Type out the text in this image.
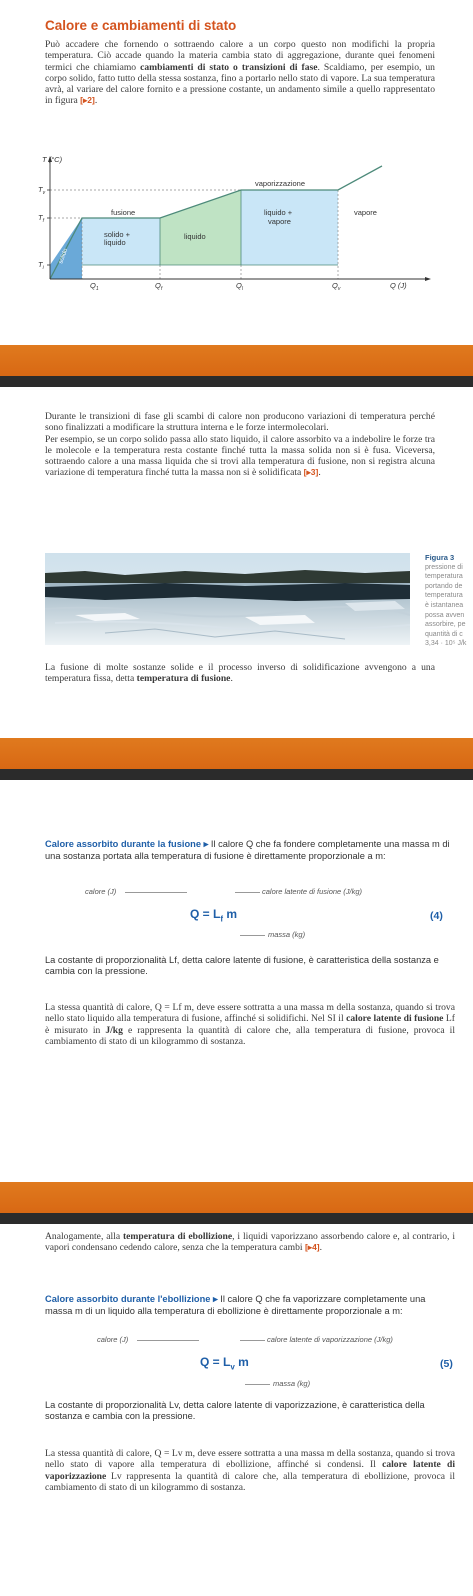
Calore e cambiamenti di stato
Può accadere che fornendo o sottraendo calore a un corpo questo non modifichi la propria temperatura. Ciò accade quando la materia cambia stato di aggregazione, durante quei fenomeni termici che chiamiamo cambiamenti di stato o transizioni di fase. Scaldiamo, per esempio, un corpo solido, fatto tutto della stessa sostanza, fino a portarlo nello stato di vapore. La sua temperatura avrà, al variare del calore fornito e a pressione costante, un andamento simile a quello rappresentato in figura [▸2].
T (°C)
$T_v$
$T_f$
$T_i$
$Q_1$	$Q_f$	$Q_l$	$Q_v$	Q (J)
vaporizzazione
fusione
solido +
liquido
liquido
liquido +
vapore
vapore
solido

Durante le transizioni di fase gli scambi di calore non producono variazioni di temperatura perché sono finalizzati a modificare la struttura interna e le forze intermolecolari.

Per esempio, se un corpo solido passa allo stato liquido, il calore assorbito va a indebolire le forze tra le molecole e la temperatura resta costante finché tutta la massa solida non si è fusa. Viceversa, sottraendo calore a una massa liquida che si trovi alla temperatura di fusione, non si registra alcuna variazione di temperatura finché tutta la massa non si è solidificata [▸3].

Figura 3
pressione di
temperatura
portando de
temperatura
è istantanea
possa avven
assorbire, pe
quantità di c
3,34 · 10⁵ J/k
La fusione di molte sostanze solide e il processo inverso di solidificazione avvengono a una temperatura fissa, detta temperatura di fusione.
Calore assorbito durante la fusione ▸ Il calore Q che fa fondere completamente una massa m di una sostanza portata alla temperatura di fusione è direttamente proporzionale a m:
calore (J)	calore latente di fusione (J/kg)
$Q = L_f$ m	(4)
massa (kg)
La costante di proporzionalità Lf, detta calore latente di fusione, è caratteristica della sostanza e cambia con la pressione.
La stessa quantità di calore, Q = Lf m, deve essere sottratta a una massa m della sostanza, quando si trova nello stato liquido alla temperatura di fusione, affinché si solidifichi. Nel SI il calore latente di fusione Lf è misurato in J/kg e rappresenta la quantità di calore che, alla temperatura di fusione, provoca il cambiamento di stato di un kilogrammo di sostanza.
Analogamente, alla temperatura di ebollizione, i liquidi vaporizzano assorbendo calore e, al contrario, i vapori condensano cedendo calore, senza che la temperatura cambi [▸4].
Calore assorbito durante l'ebollizione ▸ Il calore Q che fa vaporizzare completamente una massa m di un liquido alla temperatura di ebollizione è direttamente proporzionale a m:
calore (J)	calore latente di vaporizzazione (J/kg)
$Q = L_v$ m	(5)
massa (kg)
La costante di proporzionalità Lv, detta calore latente di vaporizzazione, è caratteristica della sostanza e cambia con la pressione.
La stessa quantità di calore, Q = Lv m, deve essere sottratta a una massa m della sostanza, quando si trova nello stato di vapore alla temperatura di ebollizione, affinché si condensi. Il calore latente di vaporizzazione Lv rappresenta la quantità di calore che, alla temperatura di ebollizione, provoca il cambiamento di stato di un kilogrammo di sostanza.
